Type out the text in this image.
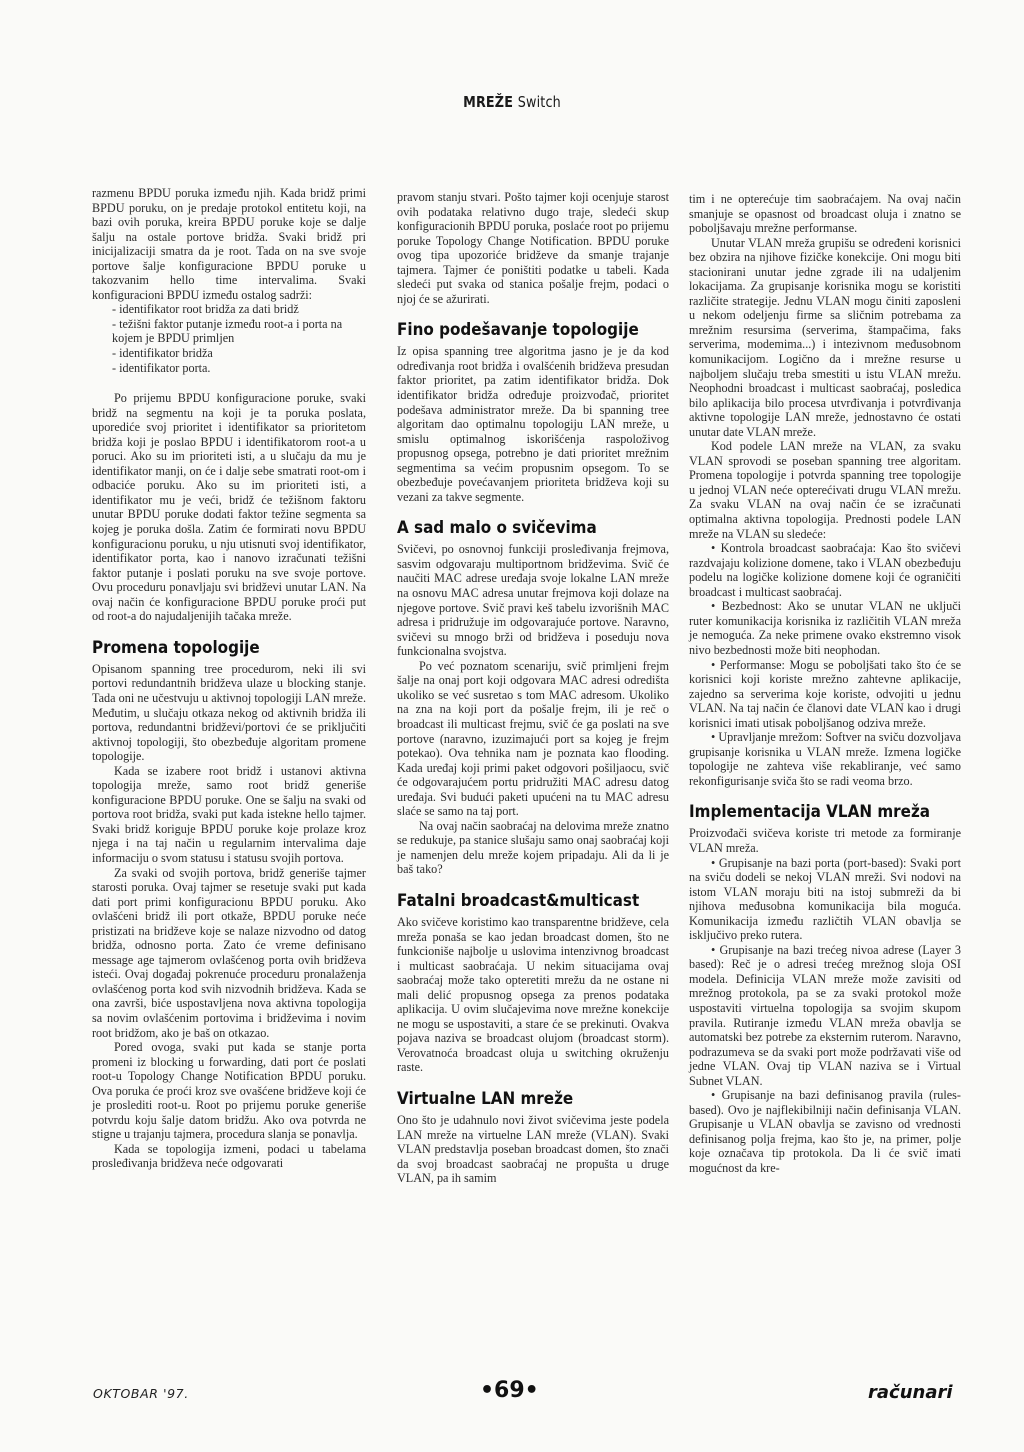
MREŽE Switch

razmenu BPDU poruka između njih. Kada bridž primi BPDU poruku, on je predaje protokol entitetu koji, na bazi ovih poruka, kreira BPDU poruke koje se dalje šalju na ostale portove bridža. Svaki bridž pri inicijalizaciji smatra da je root. Tada on na sve svoje portove šalje konfiguracione BPDU poruke u takozvanim hello time intervalima. Svaki konfiguracioni BPDU između ostalog sadrži:

- identifikator root bridža za dati bridž

- težišni faktor putanje između root-a i porta na kojem je BPDU primljen

- identifikator bridža

- identifikator porta.

Po prijemu BPDU konfiguracione poruke, svaki bridž na segmentu na koji je ta poruka poslata, uporediće svoj prioritet i identifikator sa prioritetom bridža koji je poslao BPDU i identifikatorom root-a u poruci. Ako su im prioriteti isti, a u slučaju da mu je identifikator manji, on će i dalje sebe smatrati root-om i odbaciće poruku. Ako su im prioriteti isti, a identifikator mu je veći, bridž će težišnom faktoru unutar BPDU poruke dodati faktor težine segmenta sa kojeg je poruka došla. Zatim će formirati novu BPDU konfiguracionu poruku, u nju utisnuti svoj identifikator, identifikator porta, kao i nanovo izračunati težišni faktor putanje i poslati poruku na sve svoje portove. Ovu proceduru ponavljaju svi bridževi unutar LAN. Na ovaj način će konfiguracione BPDU poruke proći put od root-a do najudaljenijih tačaka mreže.

Promena topologije

Opisanom spanning tree procedurom, neki ili svi portovi redundantnih bridževa ulaze u blocking stanje. Tada oni ne učestvuju u aktivnoj topologiji LAN mreže. Međutim, u slučaju otkaza nekog od aktivnih bridža ili portova, redundantni bridževi/portovi će se priključiti aktivnoj topologiji, što obezbeđuje algoritam promene topologije.

Kada se izabere root bridž i ustanovi aktivna topologija mreže, samo root bridž generiše konfiguracione BPDU poruke. One se šalju na svaki od portova root bridža, svaki put kada istekne hello tajmer. Svaki bridž koriguje BPDU poruke koje prolaze kroz njega i na taj način u regularnim intervalima daje informaciju o svom statusu i statusu svojih portova.

Za svaki od svojih portova, bridž generiše tajmer starosti poruka. Ovaj tajmer se resetuje svaki put kada dati port primi konfiguracionu BPDU poruku. Ako ovlašćeni bridž ili port otkaže, BPDU poruke neće pristizati na bridževe koje se nalaze nizvodno od datog bridža, odnosno porta. Zato će vreme definisano message age tajmerom ovlašćenog porta ovih bridževa isteći. Ovaj događaj pokrenuće proceduru pronalaženja ovlašćenog porta kod svih nizvodnih bridževa. Kada se ona završi, biće uspostavljena nova aktivna topologija sa novim ovlašćenim portovima i bridževima i novim root bridžom, ako je baš on otkazao.

Pored ovoga, svaki put kada se stanje porta promeni iz blocking u forwarding, dati port će poslati root-u Topology Change Notification BPDU poruku. Ova poruka će proći kroz sve ovašćene bridževe koji će je prosleditі root-u. Root po prijemu poruke generiše potvrdu koju šalje datom bridžu. Ako ova potvrda ne stigne u trajanju tajmera, procedura slanja se ponavlja.

Kada se topologija izmeni, podaci u tabelama prosleđivanja bridževa neće odgovarati

pravom stanju stvari. Pošto tajmer koji ocenjuje starost ovih podataka relativno dugo traje, sledeći skup konfiguracionih BPDU poruka, poslaće root po prijemu poruke Topology Change Notification. BPDU poruke ovog tipa upozoriće bridževe da smanje trajanje tajmera. Tajmer će poništiti podatke u tabeli. Kada sledeći put svaka od stanica pošalje frejm, podaci o njoj će se ažurirati.

Fino podešavanje topologije

Iz opisa spanning tree algoritma jasno je je da kod određivanja root bridža i ovalšćenih bridževa presudan faktor prioritet, pa zatim identifikator bridža. Dok identifikator bridža određuje proizvođač, prioritet podešava administrator mreže. Da bi spanning tree algoritam dao optimalnu topologiju LAN mreže, u smislu optimalnog iskorišćenja raspoloživog propusnog opsega, potrebno je dati prioritet mrežnim segmentima sa većim propusnim opsegom. To se obezbeđuje povećavanjem prioriteta bridževa koji su vezani za takve segmente.

A sad malo o svičevima

Svičevi, po osnovnoj funkciji prosleđivanja frejmova, sasvim odgovaraju multiportnom bridževima. Svič će naučiti MAC adrese uređaja svoje lokalne LAN mreže na osnovu MAC adresa unutar frejmova koji dolaze na njegove portove. Svič pravi keš tabelu izvorišnih MAC adresa i pridružuje im odgovarajuće portove. Naravno, svičevi su mnogo brži od bridževa i poseduju nova funkcionalna svojstva.

Po već poznatom scenariju, svič primljeni frejm šalje na onaj port koji odgovara MAC adresi odredišta ukoliko se već susretao s tom MAC adresom. Ukoliko na zna na koji port da pošalje frejm, ili je reč o broadcast ili multicast frejmu, svič će ga poslati na sve portove (naravno, izuzimajući port sa kojeg je frejm potekao). Ova tehnika nam je poznata kao flooding. Kada uređaj koji primi paket odgovori pošiljaocu, svič će odgovarajućem portu pridružiti MAC adresu datog uređaja. Svi budući paketi upućeni na tu MAC adresu slaće se samo na taj port.

Na ovaj način saobraćaj na delovima mreže znatno se redukuje, pa stanice slušaju samo onaj saobraćaj koji je namenjen delu mreže kojem pripadaju. Ali da li je baš tako?

Fatalni broadcast&multicast

Ako svičeve koristimo kao transparentne bridževe, cela mreža ponaša se kao jedan broadcast domen, što ne funkcioniše najbolje u uslovima intenzivnog broadcast i multicast saobraćaja. U nekim situacijama ovaj saobraćaj može tako opteretiti mrežu da ne ostane ni mali delić propusnog opsega za prenos podataka aplikacija. U ovim slučajevima nove mrežne konekcije ne mogu se uspostaviti, a stare će se prekinuti. Ovakva pojava naziva se broadcast olujom (broadcast storm). Verovatnoća broadcast oluja u switching okruženju raste.

Virtualne LAN mreže

Ono što je udahnulo novi život svičevima jeste podela LAN mreže na virtuelne LAN mreže (VLAN). Svaki VLAN predstavlja poseban broadcast domen, što znači da svoj broadcast saobraćaj ne propušta u druge VLAN, pa ih samim

tim i ne opterećuje tim saobraćajem. Na ovaj način smanjuje se opasnost od broadcast oluja i znatno se poboljšavaju mrežne performanse.

Unutar VLAN mreža grupišu se određeni korisnici bez obzira na njihove fizičke konekcije. Oni mogu biti stacionirani unutar jedne zgrade ili na udaljenim lokacijama. Za grupisanje korisnika mogu se koristiti različite strategije. Jednu VLAN mogu činiti zaposleni u nekom odeljenju firme sa sličnim potrebama za mrežnim resursima (serverima, štampačima, faks serverima, modemima...) i intezivnom međusobnom komunikacijom. Logično da i mrežne resurse u najboljem slučaju treba smestiti u istu VLAN mrežu. Neophodni broadcast i multicast saobraćaj, posledica bilo aplikacija bilo procesa utvrđivanja i potvrđivanja aktivne topologije LAN mreže, jednostavno će ostati unutar date VLAN mreže.

Kod podele LAN mreže na VLAN, za svaku VLAN sprovodi se poseban spanning tree algoritam. Promena topologije i potvrda spanning tree topologije u jednoj VLAN neće opterećivati drugu VLAN mrežu. Za svaku VLAN na ovaj način će se izračunati optimalna aktivna topologija. Prednosti podele LAN mreže na VLAN su sledeće:

• Kontrola broadcast saobraćaja: Kao što svičevi razdvajaju kolizione domene, tako i VLAN obezbeđuju podelu na logičke kolizione domene koji će ograničiti broadcast i multicast saobraćaj.

• Bezbednost: Ako se unutar VLAN ne uključi ruter komunikacija korisnika iz različitih VLAN mreža je nemoguća. Za neke primene ovako ekstremno visok nivo bezbednosti može biti neophodan.

• Performanse: Mogu se poboljšati tako što će se korisnici koji koriste mrežno zahtevne aplikacije, zajedno sa serverima koje koriste, odvojiti u jednu VLAN. Na taj način će članovi date VLAN kao i drugi korisnici imati utisak poboljšanog odziva mreže.

• Upravljanje mrežom: Softver na sviču dozvoljava grupisanje korisnika u VLAN mreže. Izmena logičke topologije ne zahteva više rekabliranje, već samo rekonfigurisanje sviča što se radi veoma brzo.

Implementacija VLAN mreža

Proizvođači svičeva koriste tri metode za formiranje VLAN mreža.

• Grupisanje na bazi porta (port-based): Svaki port na sviču dodeli se nekoj VLAN mreži. Svi nodovi na istom VLAN moraju biti na istoj submreži da bi njihova međusobna komunikacija bila moguća. Komunikacija između različtih VLAN obavlja se isključivo preko rutera.

• Grupisanje na bazi trećeg nivoa adrese (Layer 3 based): Reč je o adresi trećeg mrežnog sloja OSI modela. Definicija VLAN mreže može zavisiti od mrežnog protokola, pa se za svaki protokol može uspostaviti virtuelna topologija sa svojim skupom pravila. Rutiranje između VLAN mreža obavlja se automatski bez potrebe za eksternim ruterom. Naravno, podrazumeva se da svaki port može podržavati više od jedne VLAN. Ovaj tip VLAN naziva se i Virtual Subnet VLAN.

• Grupisanje na bazi definisanog pravila (rules-based). Ovo je najflekibilniji način definisanja VLAN. Grupisanje u VLAN obavlja se zavisno od vrednosti definisanog polja frejma, kao što je, na primer, polje koje označava tip protokola. Da li će svič imati mogućnost da kre-

OKTOBAR '97.	•69•	računari
